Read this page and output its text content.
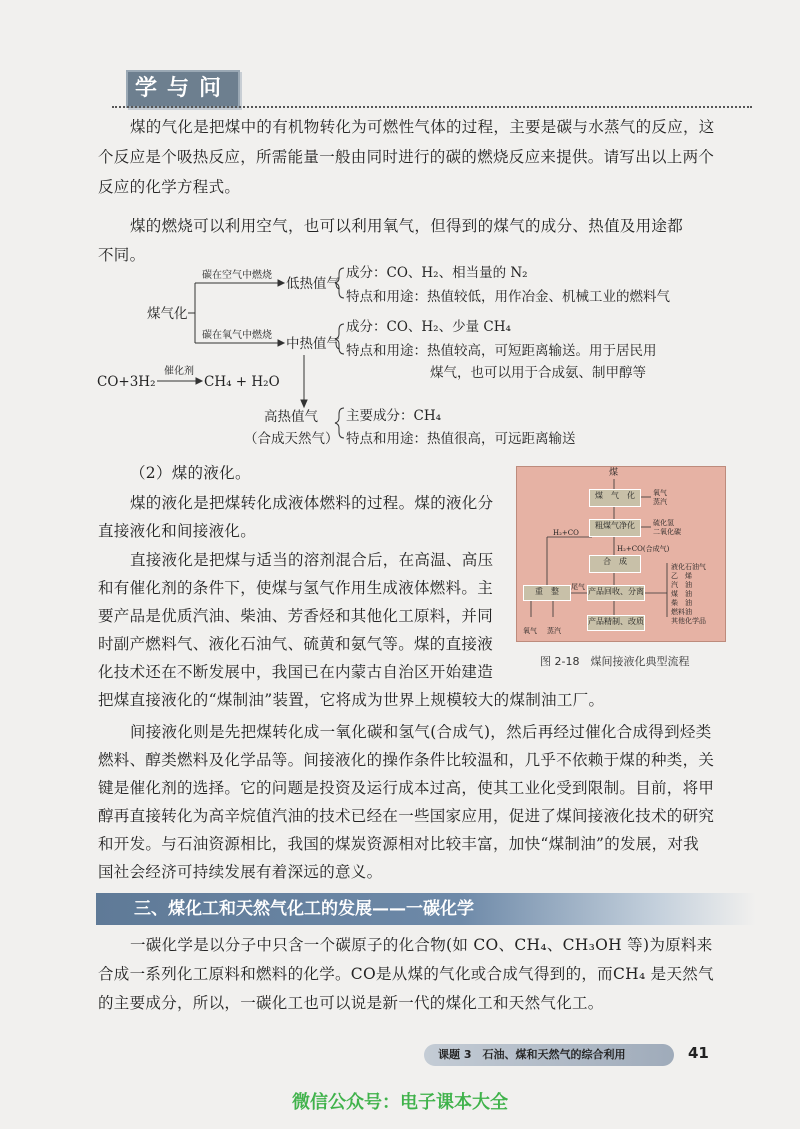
学与问
煤的气化是把煤中的有机物转化为可燃性气体的过程，主要是碳与水蒸气的反应，这
个反应是个吸热反应，所需能量一般由同时进行的碳的燃烧反应来提供。请写出以上两个
反应的化学方程式。
煤的燃烧可以利用空气，也可以利用氧气，但得到的煤气的成分、热值及用途都
不同。
煤气化
碳在空气中燃烧
碳在氧气中燃烧
低热值气
成分：CO、H₂、相当量的 N₂
特点和用途：热值较低，用作冶金、机械工业的燃料气
中热值气
成分：CO、H₂、少量 CH₄
特点和用途：热值较高，可短距离输送。用于居民用
煤气，也可以用于合成氨、制甲醇等
CO+3H₂
催化剂
CH₄ + H₂O
高热值气
（合成天然气）
主要成分：CH₄
特点和用途：热值很高，可远距离输送
（2）煤的液化。
煤的液化是把煤转化成液体燃料的过程。煤的液化分
直接液化和间接液化。
直接液化是把煤与适当的溶剂混合后，在高温、高压
和有催化剂的条件下，使煤与氢气作用生成液体燃料。主
要产品是优质汽油、柴油、芳香烃和其他化工原料，并同
时副产燃料气、液化石油气、硫黄和氨气等。煤的直接液
化技术还在不断发展中，我国已在内蒙古自治区开始建造
把煤直接液化的“煤制油”装置，它将成为世界上规模较大的煤制油工厂。
间接液化则是先把煤转化成一氧化碳和氢气(合成气)，然后再经过催化合成得到烃类
燃料、醇类燃料及化学品等。间接液化的操作条件比较温和，几乎不依赖于煤的种类，关
键是催化剂的选择。它的问题是投资及运行成本过高，使其工业化受到限制。目前，将甲
醇再直接转化为高辛烷值汽油的技术已经在一些国家应用，促进了煤间接液化技术的研究
和开发。与石油资源相比，我国的煤炭资源相对比较丰富，加快“煤制油”的发展，对我
国社会经济可持续发展有着深远的意义。
煤
煤　气　化	氧气
蒸汽
粗煤气净化	硫化氢
二氧化碳
H₂+CO
H₂+CO(合成气)
合　成
重　整	尾气 产品回收、分离
产品精制、改质
氧气 蒸汽
液化石油气
乙　烯
汽　油
煤　油
柴　油
燃料油
其他化学品
图 2-18　煤间接液化典型流程
三、煤化工和天然气化工的发展——一碳化学
一碳化学是以分子中只含一个碳原子的化合物(如 CO、CH₄、CH₃OH 等)为原料来
合成一系列化工原料和燃料的化学。CO是从煤的气化或合成气得到的，而CH₄ 是天然气
的主要成分，所以，一碳化工也可以说是新一代的煤化工和天然气化工。
课题 3　石油、煤和天然气的综合利用	41
微信公众号：电子课本大全
